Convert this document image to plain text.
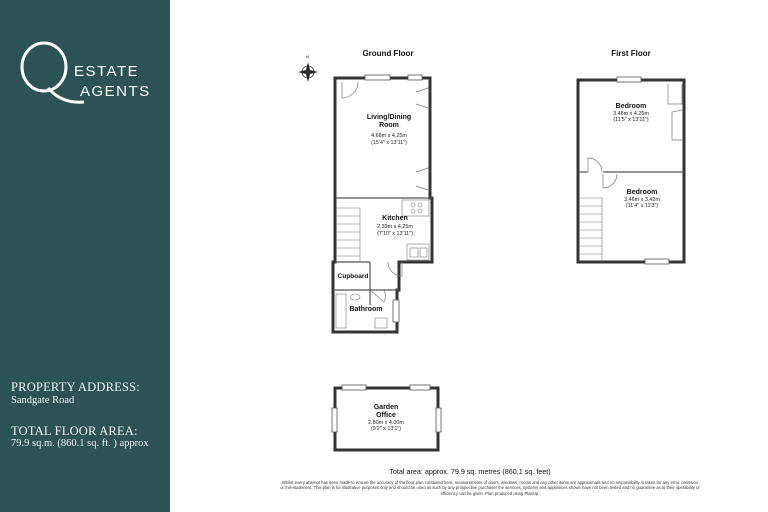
ESTATE
AGENTS
PROPERTY ADDRESS:
Sandgate Road
TOTAL FLOOR AREA:
79.9 sq.m. (860.1 sq. ft. ) approx
N	Ground Floor	First Floor
Living/Dining
Room
4.66m x 4.25m
(15'4" x 13'11")
Kitchen
2.39m x 4.25m
(7'10" x 13'11")
Cupboard
Bathroom
Bedroom
3.48m x 4.25m
(11'5" x 13'11")
Bedroom
3.46m x 3.42m
(11'4" x 11'3")
Garden
Office
2.80m x 4.00m
(9'2" x 13'1")
Total area: approx. 79.9 sq. metres (860.1 sq. feet)
Whilst every attempt has been made to ensure the accuracy of the floor plan contained here, measurements of doors, windows, rooms and any other items are approximate and no responsibility is taken for any error, omission or mis-statement. This plan is for illustrative purposes only and should be used as such by any prospective purchaser the services, systems and appliances shown have not been tested and no guarantee as to their operability or efficiency can be given. Plan produced using PlanUp.
